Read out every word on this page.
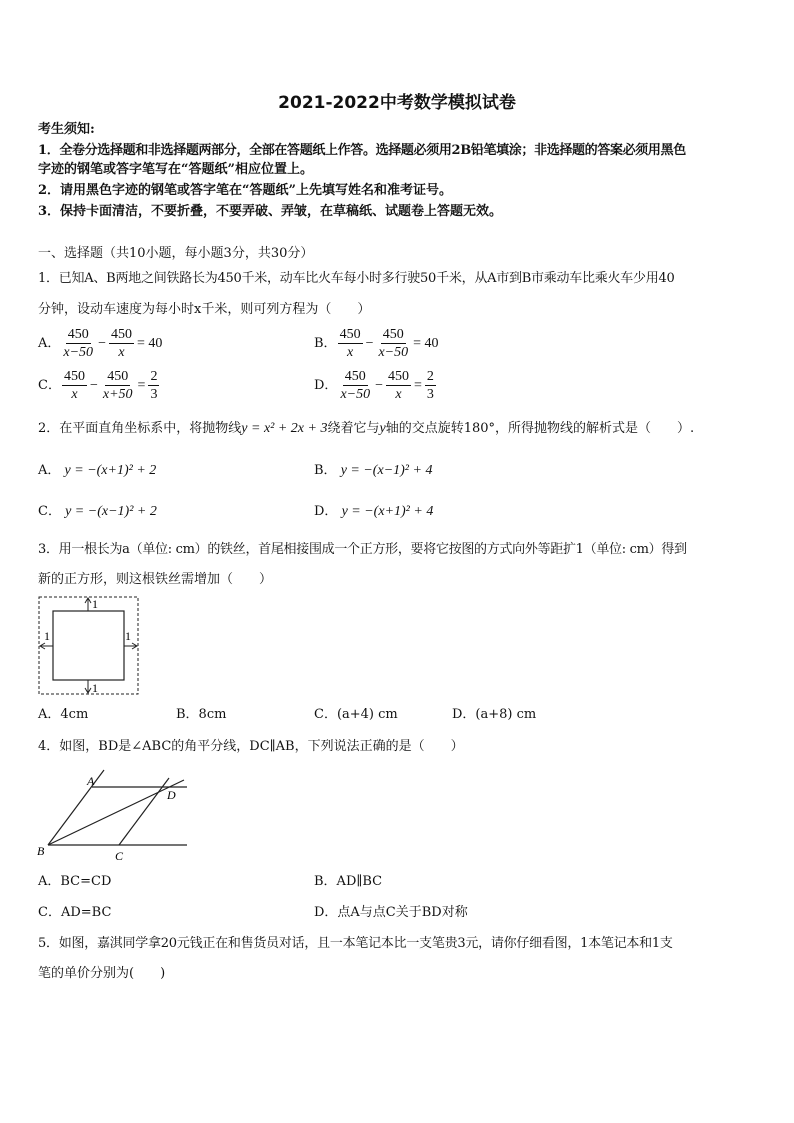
2021-2022中考数学模拟试卷
考生须知:
1．全卷分选择题和非选择题两部分，全部在答题纸上作答。选择题必须用2B铅笔填涂；非选择题的答案必须用黑色
字迹的钢笔或答字笔写在“答题纸”相应位置上。
2．请用黑色字迹的钢笔或答字笔在“答题纸”上先填写姓名和准考证号。
3．保持卡面清洁，不要折叠，不要弄破、弄皱，在草稿纸、试题卷上答题无效。
一、选择题（共10小题，每小题3分，共30分）
1．已知A、B两地之间铁路长为450千米，动车比火车每小时多行驶50千米，从A市到B市乘动车比乘火车少用40
分钟，设动车速度为每小时x千米，则可列方程为（　　）
A． $\frac{450}{x-50} - \frac{450}{x} = 40$	B． $\frac{450}{x} - \frac{450}{x-50} = 40$
C． $\frac{450}{x} - \frac{450}{x+50} = \frac{2}{3}$	D． $\frac{450}{x-50} - \frac{450}{x} = \frac{2}{3}$
2．在平面直角坐标系中，将抛物线y = x² + 2x + 3绕着它与y轴的交点旋转180°，所得抛物线的解析式是（　　）.
A． y = −(x+1)² + 2	B． y = −(x−1)² + 4
C． y = −(x−1)² + 2	D． y = −(x+1)² + 4
3．用一根长为a（单位: cm）的铁丝，首尾相接围成一个正方形，要将它按图的方式向外等距扩1（单位: cm）得到
新的正方形，则这根铁丝需增加（　　）
1
1
1	1
A．4cm	B．8cm	C．(a+4) cm	D．(a+8) cm
4．如图，BD是∠ABC的角平分线，DC∥AB，下列说法正确的是（　　）
A
B	C
D
A．BC=CD	B．AD∥BC
C．AD=BC	D．点A与点C关于BD对称
5．如图，嘉淇同学拿20元钱正在和售货员对话，且一本笔记本比一支笔贵3元，请你仔细看图，1本笔记本和1支
笔的单价分别为(　　)
